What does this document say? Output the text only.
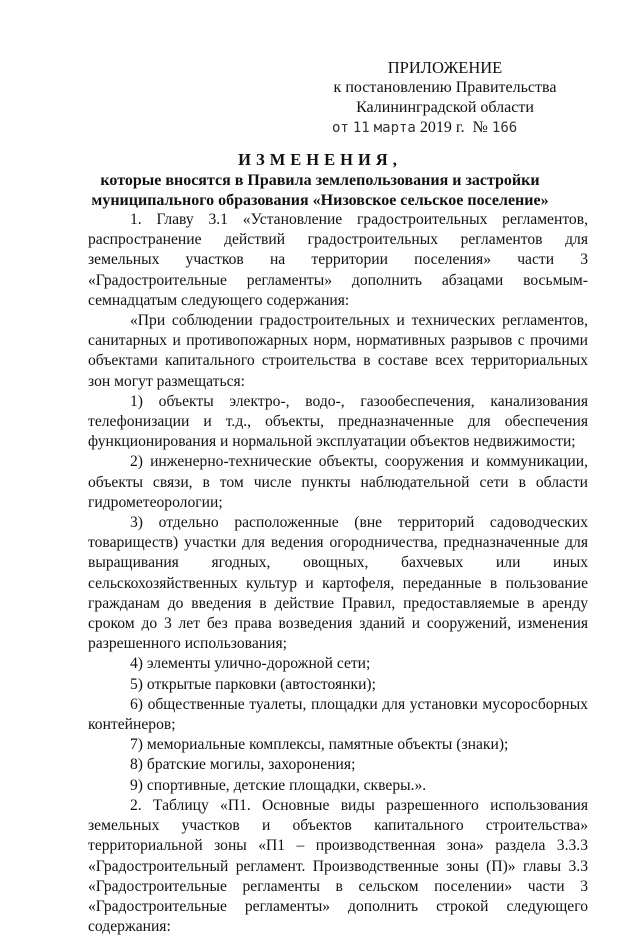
ПРИЛОЖЕНИЕ
к постановлению Правительства
Калининградской области
от 11 марта 2019 г. № 166
ИЗМЕНЕНИЯ,
которые вносятся в Правила землепользования и застройки муниципального образования «Низовское сельское поселение»

1. Главу 3.1 «Установление градостроительных регламентов, распространение действий градостроительных регламентов для земельных участков на территории поселения» части 3 «Градостроительные регламенты» дополнить абзацами восьмым-семнадцатым следующего содержания:

«При соблюдении градостроительных и технических регламентов, санитарных и противопожарных норм, нормативных разрывов с прочими объектами капитального строительства в составе всех территориальных зон могут размещаться:

1) объекты электро-, водо-, газообеспечения, канализования телефонизации и т.д., объекты, предназначенные для обеспечения функционирования и нормальной эксплуатации объектов недвижимости;

2) инженерно-технические объекты, сооружения и коммуникации, объекты связи, в том числе пункты наблюдательной сети в области гидрометеорологии;

3) отдельно расположенные (вне территорий садоводческих товариществ) участки для ведения огородничества, предназначенные для выращивания ягодных, овощных, бахчевых или иных сельскохозяйственных культур и картофеля, переданные в пользование гражданам до введения в действие Правил, предоставляемые в аренду сроком до 3 лет без права возведения зданий и сооружений, изменения разрешенного использования;

4) элементы улично-дорожной сети;

5) открытые парковки (автостоянки);

6) общественные туалеты, площадки для установки мусоросборных контейнеров;

7) мемориальные комплексы, памятные объекты (знаки);

8) братские могилы, захоронения;

9) спортивные, детские площадки, скверы.».

2. Таблицу «П1. Основные виды разрешенного использования земельных участков и объектов капитального строительства» территориальной зоны «П1 – производственная зона» раздела 3.3.3 «Градостроительный регламент. Производственные зоны (П)» главы 3.3 «Градостроительные регламенты в сельском поселении» части 3 «Градостроительные регламенты» дополнить строкой следующего содержания:
